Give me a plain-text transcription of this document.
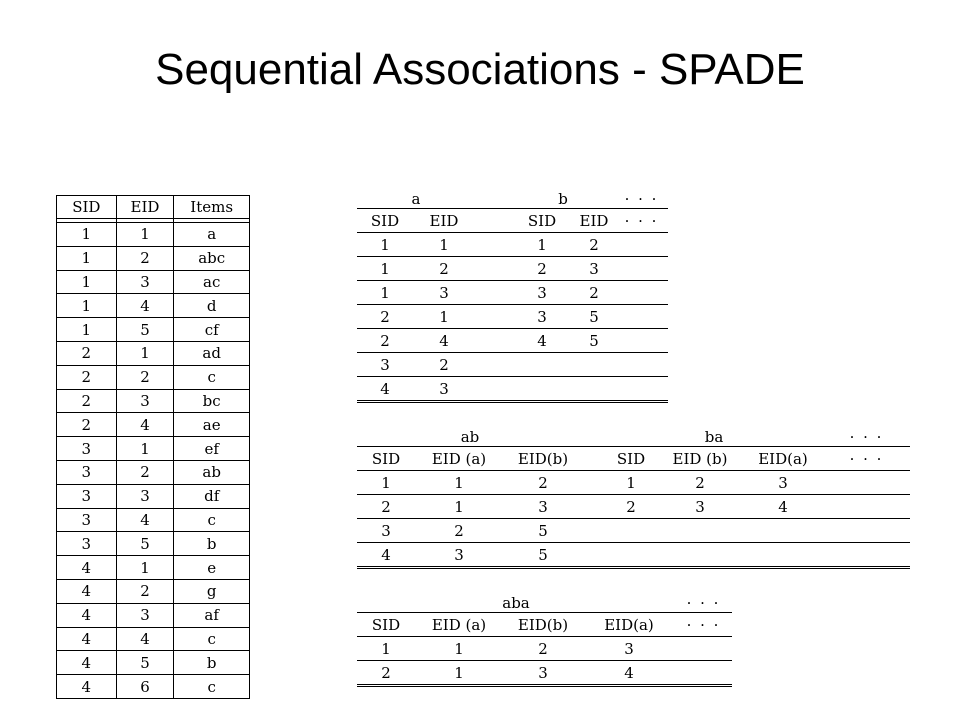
Sequential Associations - SPADE
SID	EID	Items

1	1	a
1	2	abc
1	3	ac
1	4	d
1	5	cf
2	1	ad
2	2	c
2	3	bc
2	4	ae
3	1	ef
3	2	ab
3	3	df
3	4	c
3	5	b
4	1	e
4	2	g
4	3	af
4	4	c
4	5	b
4	6	c
a			b		· · ·
SID	EID		SID	EID	· · ·
1	1		1	2	
1	2		2	3	
1	3		3	2	
2	1		3	5	
2	4		4	5	
3	2				
4	3				
ab				ba			· · ·
SID	EID (a)	EID(b)		SID	EID (b)	EID(a)	· · ·
1	1	2		1	2	3	
2	1	3		2	3	4	
3	2	5					
4	3	5					
aba				· · ·
SID	EID (a)	EID(b)	EID(a)	· · ·
1	1	2	3	
2	1	3	4	
